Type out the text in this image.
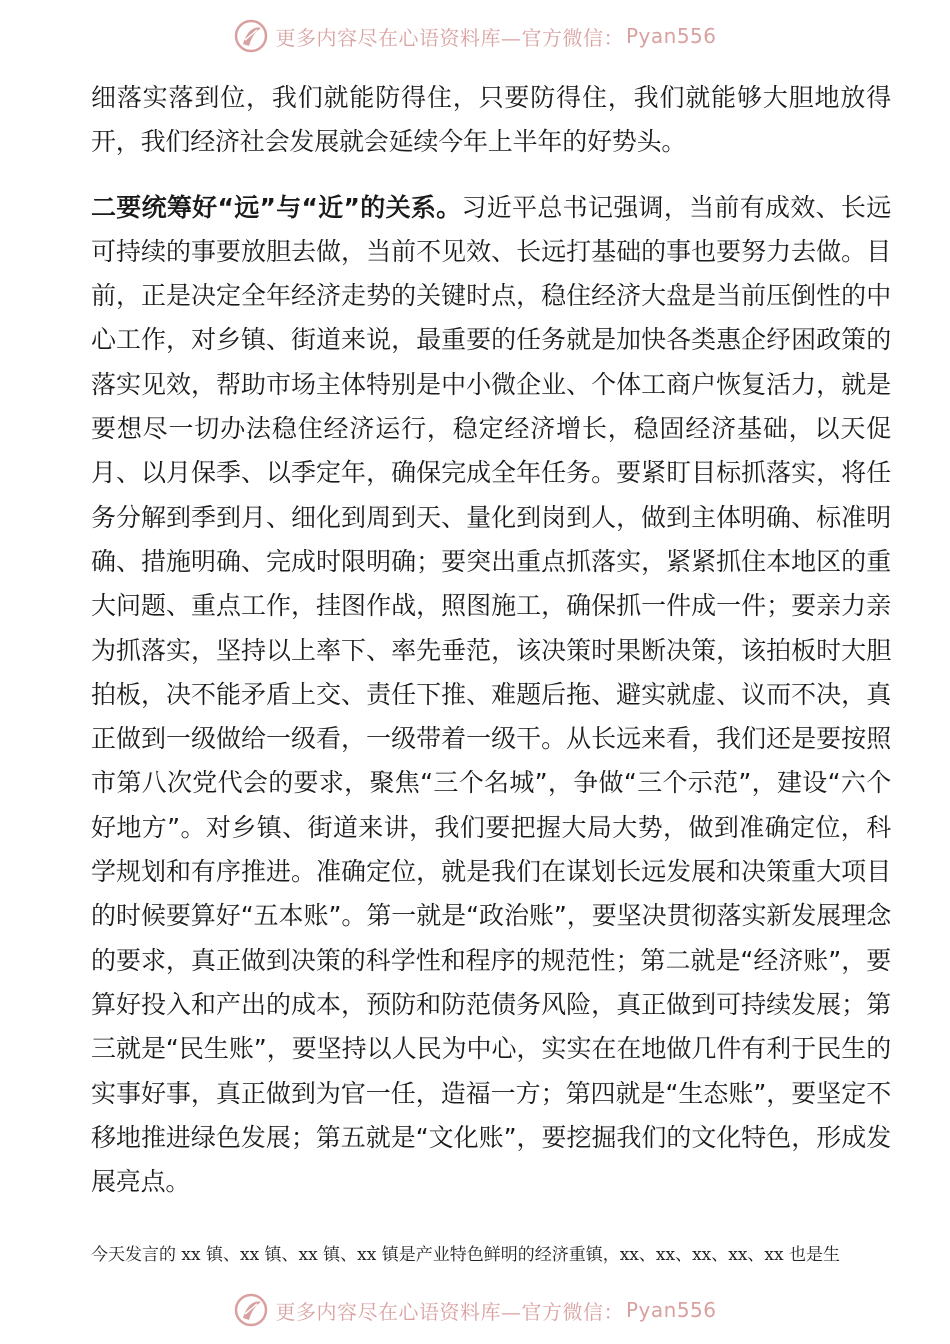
更多内容尽在心语资料库—官方微信： Pyan556

细落实落到位，我们就能防得住，只要防得住，我们就能够大胆地放得开，我们经济社会发展就会延续今年上半年的好势头。

二要统筹好“远”与“近”的关系。习近平总书记强调，当前有成效、长远可持续的事要放胆去做，当前不见效、长远打基础的事也要努力去做。目前，正是决定全年经济走势的关键时点，稳住经济大盘是当前压倒性的中心工作，对乡镇、街道来说，最重要的任务就是加快各类惠企纾困政策的落实见效，帮助市场主体特别是中小微企业、个体工商户恢复活力，就是要想尽一切办法稳住经济运行，稳定经济增长，稳固经济基础，以天促月、以月保季、以季定年，确保完成全年任务。要紧盯目标抓落实，将任务分解到季到月、细化到周到天、量化到岗到人，做到主体明确、标准明确、措施明确、完成时限明确；要突出重点抓落实，紧紧抓住本地区的重大问题、重点工作，挂图作战，照图施工，确保抓一件成一件；要亲力亲为抓落实，坚持以上率下、率先垂范，该决策时果断决策，该拍板时大胆拍板，决不能矛盾上交、责任下推、难题后拖、避实就虚、议而不决，真正做到一级做给一级看，一级带着一级干。从长远来看，我们还是要按照市第八次党代会的要求，聚焦“三个名城”，争做“三个示范”，建设“六个好地方”。对乡镇、街道来讲，我们要把握大局大势，做到准确定位，科学规划和有序推进。准确定位，就是我们在谋划长远发展和决策重大项目的时候要算好“五本账”。第一就是“政治账”，要坚决贯彻落实新发展理念的要求，真正做到决策的科学性和程序的规范性；第二就是“经济账”，要算好投入和产出的成本，预防和防范债务风险，真正做到可持续发展；第三就是“民生账”，要坚持以人民为中心，实实在在地做几件有利于民生的实事好事，真正做到为官一任，造福一方；第四就是“生态账”，要坚定不移地推进绿色发展；第五就是“文化账”，要挖掘我们的文化特色，形成发展亮点。

今天发言的 xx 镇、xx 镇、xx 镇、xx 镇是产业特色鲜明的经济重镇，xx、xx、xx、xx、xx 也是生
更多内容尽在心语资料库—官方微信： Pyan556
